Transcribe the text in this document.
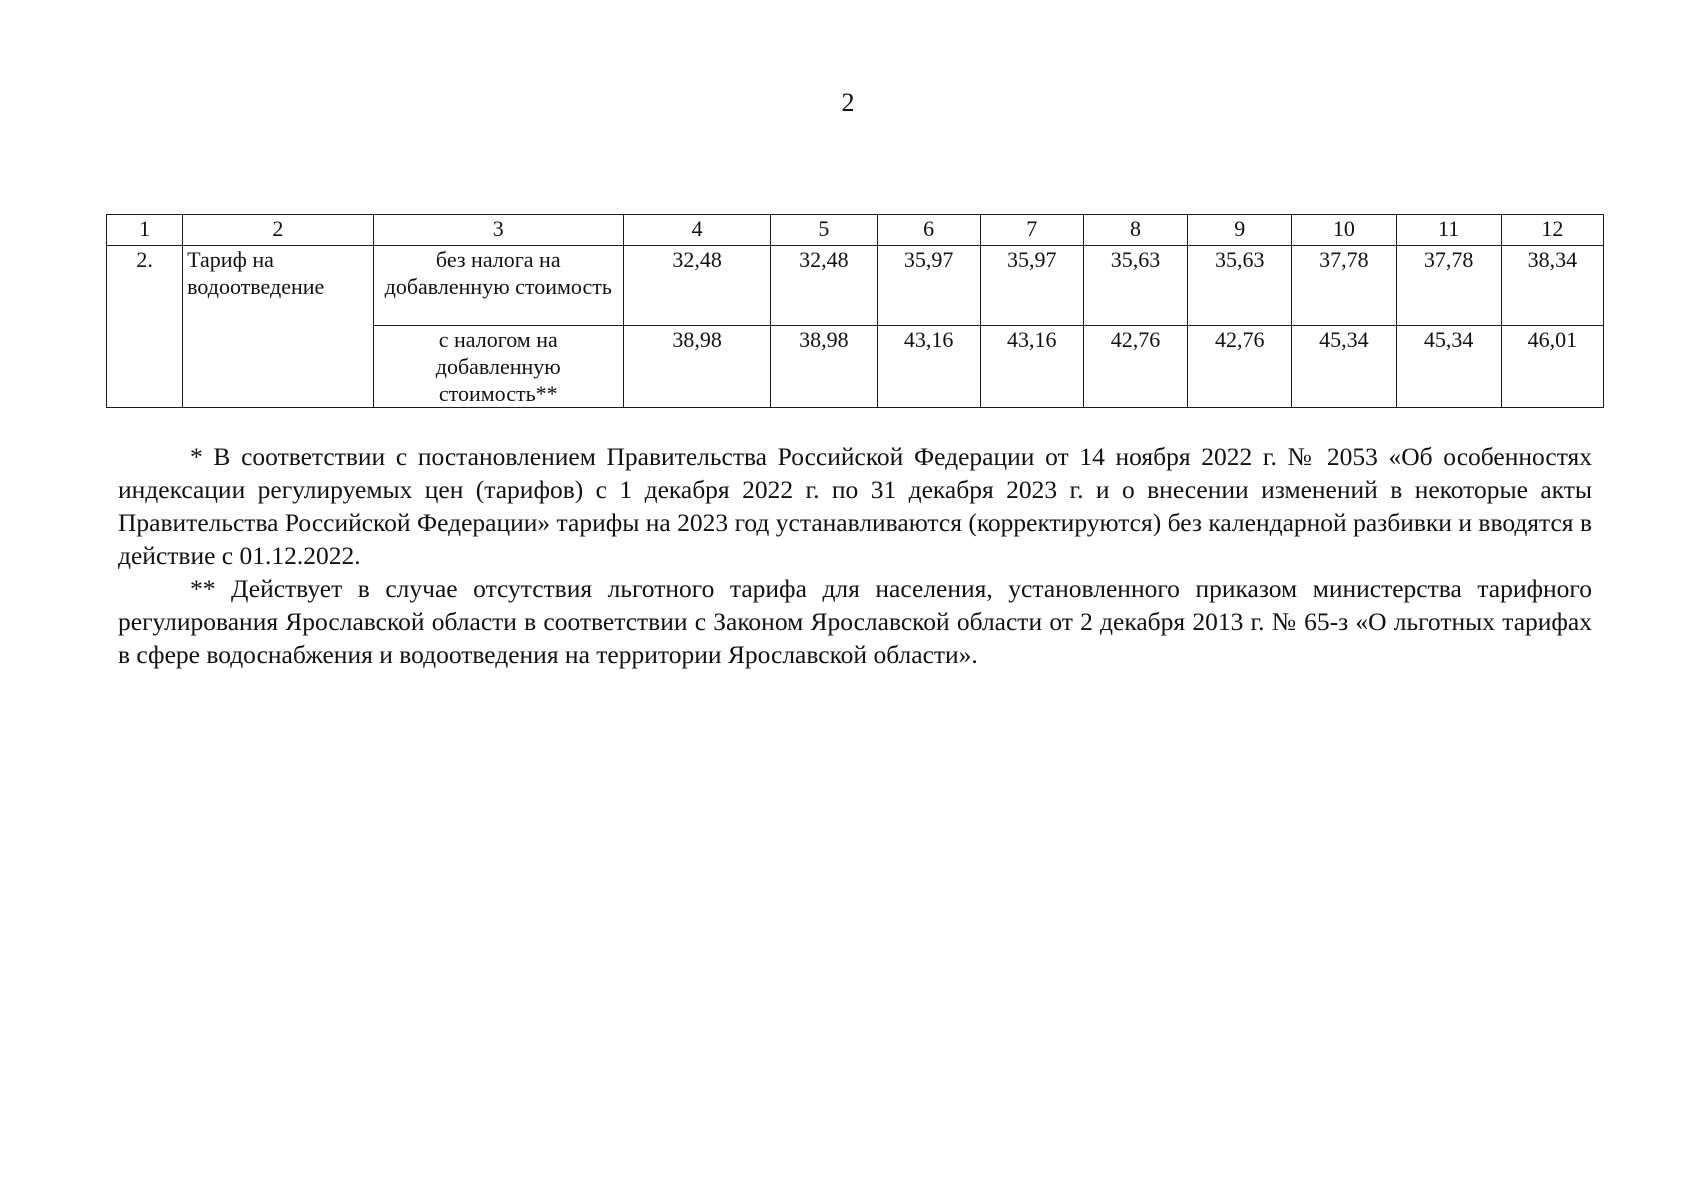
2
1	2	3	4	5	6	7	8	9	10	11	12
2.	Тариф на водоотведение	без налога на добавленную стоимость	32,48	32,48	35,97	35,97	35,63	35,63	37,78	37,78	38,34
		с налогом на добавленную стоимость**	38,98	38,98	43,16	43,16	42,76	42,76	45,34	45,34	46,01

* В соответствии с постановлением Правительства Российской Федерации от 14 ноября 2022 г. № 2053 «Об особенностях индексации регулируемых цен (тарифов) с 1 декабря 2022 г. по 31 декабря 2023 г. и о внесении изменений в некоторые акты Правительства Российской Федерации» тарифы на 2023 год устанавливаются (корректируются) без календарной разбивки и вводятся в действие с 01.12.2022.

** Действует в случае отсутствия льготного тарифа для населения, установленного приказом министерства тарифного регулирования Ярославской области в соответствии с Законом Ярославской области от 2 декабря 2013 г. № 65-з «О льготных тарифах в сфере водоснабжения и водоотведения на территории Ярославской области».
